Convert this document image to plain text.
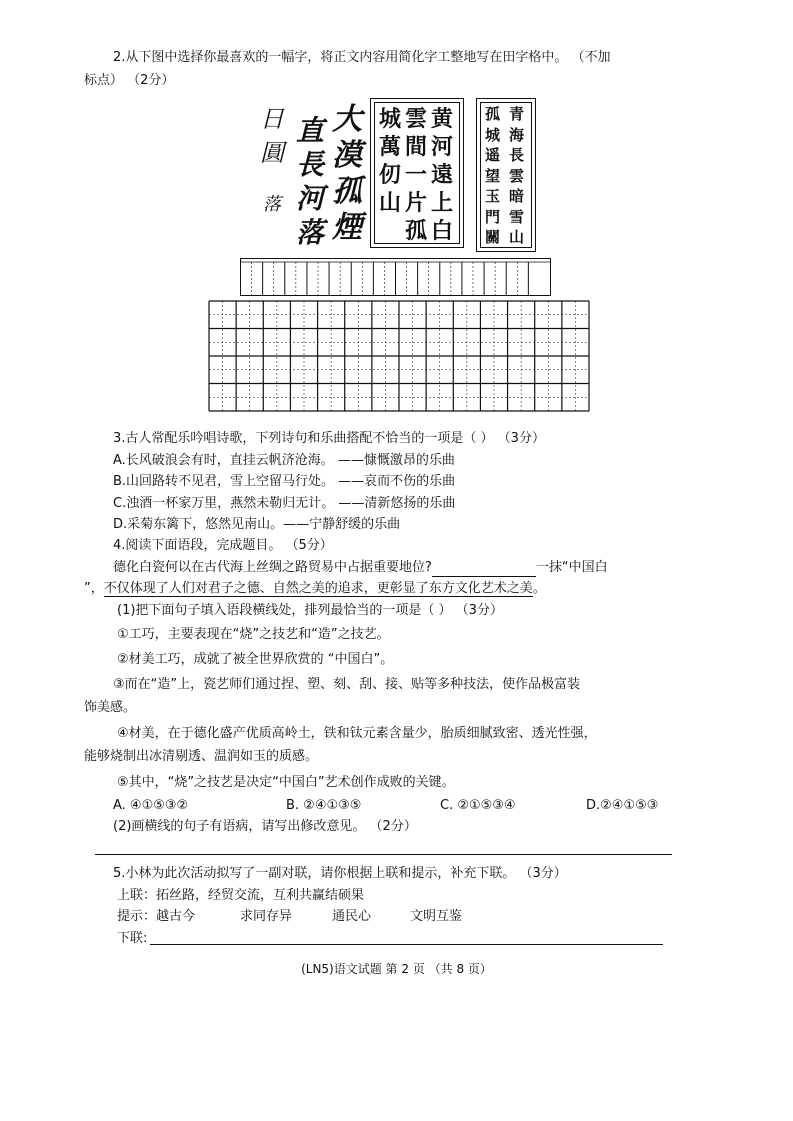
2.从下图中选择你最喜欢的一幅字，将正文内容用简化字工整地写在田字格中。 （不加
标点） （2分）
日
圓
落
直
長
河
落
大
漠
孤
煙
黄
河
遠
上
白
雲
間
一
片
孤
城
萬
仞
山
青
海
長
雲
暗
雪
山
孤
城
遥
望
玉
門
關
3.古人常配乐吟唱诗歌，下列诗句和乐曲搭配不恰当的一项是（ ） （3分）
A.长风破浪会有时，直挂云帆济沧海。 ——慷慨激昂的乐曲
B.山回路转不见君，雪上空留马行处。 ——哀而不伤的乐曲
C.浊酒一杯家万里，燕然未勒归无计。 ——清新悠扬的乐曲
D.采菊东篱下，悠然见南山。——宁静舒缓的乐曲
4.阅读下面语段，完成题目。 （5分）
德化白瓷何以在古代海上丝绸之路贸易中占据重要地位?	一抹“中国白
”，不仅体现了人们对君子之德、自然之美的追求，更彰显了东方文化艺术之美。
(1)把下面句子填入语段横线处，排列最恰当的一项是（ ） （3分）
①工巧，主要表现在“烧”之技艺和“造”之技艺。
②材美工巧，成就了被全世界欣赏的 “中国白”。
③而在“造”上，瓷艺师们通过捏、塑、刻、刮、接、贴等多种技法，使作品极富装
饰美感。
④材美，在于德化盛产优质高岭土，铁和钛元素含量少，胎质细腻致密、透光性强，
能够烧制出冰清剔透、温润如玉的质感。
⑤其中，“烧”之技艺是决定“中国白”艺术创作成败的关键。
A. ④①⑤③②	B. ②④①③⑤	C. ②①⑤③④	D.②④①⑤③
(2)画横线的句子有语病，请写出修改意见。 （2分）
5.小林为此次活动拟写了一副对联，请你根据上联和提示，补充下联。 （3分）
上联：拓丝路，经贸交流，互利共赢结硕果
提示：越古今	求同存异	通民心	文明互鉴
下联:
(LN5)语文试题 第 2 页 （共 8 页）
